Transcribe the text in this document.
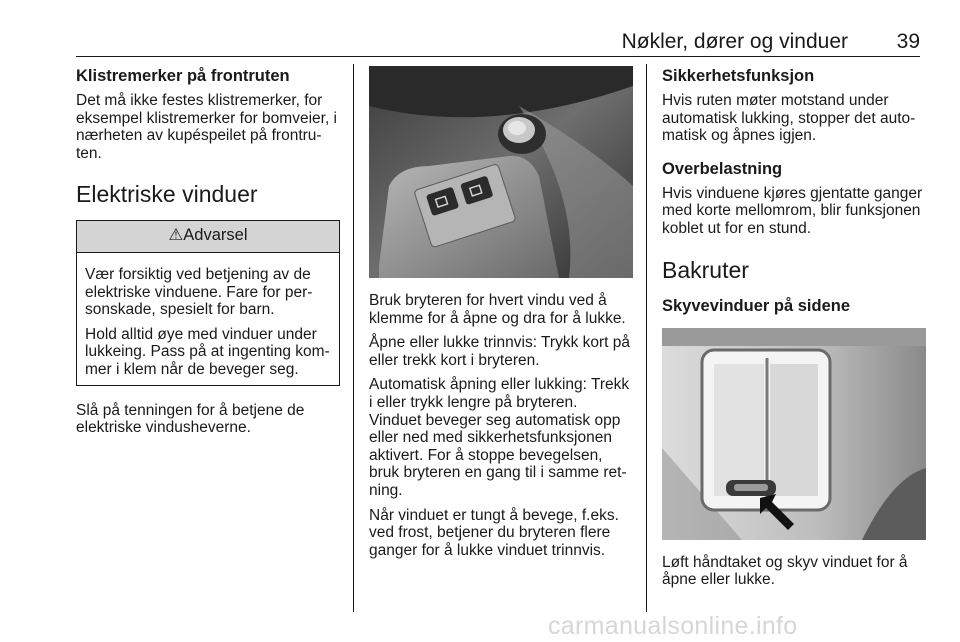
Nøkler, dører og vinduer 39
Klistremerker på frontruten

Det må ikke festes klistremerker, for eksempel klistremerker for bomveier, i nærheten av kupéspeilet på frontru-ten.

Elektriske vinduer
⚠Advarsel

Vær forsiktig ved betjening av de elektriske vinduene. Fare for per-sonskade, spesielt for barn.

Hold alltid øye med vinduer under lukkeing. Pass på at ingenting kom-mer i klem når de beveger seg.

Slå på tenningen for å betjene de elektriske vindusheverne.

Bruk bryteren for hvert vindu ved å klemme for å åpne og dra for å lukke.

Åpne eller lukke trinnvis: Trykk kort på eller trekk kort i bryteren.

Automatisk åpning eller lukking: Trekk i eller trykk lengre på bryteren. Vinduet beveger seg automatisk opp eller ned med sikkerhetsfunksjonen aktivert. For å stoppe bevegelsen, bruk bryteren en gang til i samme ret-ning.

Når vinduet er tungt å bevege, f.eks. ved frost, betjener du bryteren flere ganger for å lukke vinduet trinnvis.

Sikkerhetsfunksjon

Hvis ruten møter motstand under automatisk lukking, stopper det auto-matisk og åpnes igjen.

Overbelastning

Hvis vinduene kjøres gjentatte ganger med korte mellomrom, blir funksjonen koblet ut for en stund.

Bakruter
Skyvevinduer på sidene

Løft håndtaket og skyv vinduet for å åpne eller lukke.

carmanualsonline.info
